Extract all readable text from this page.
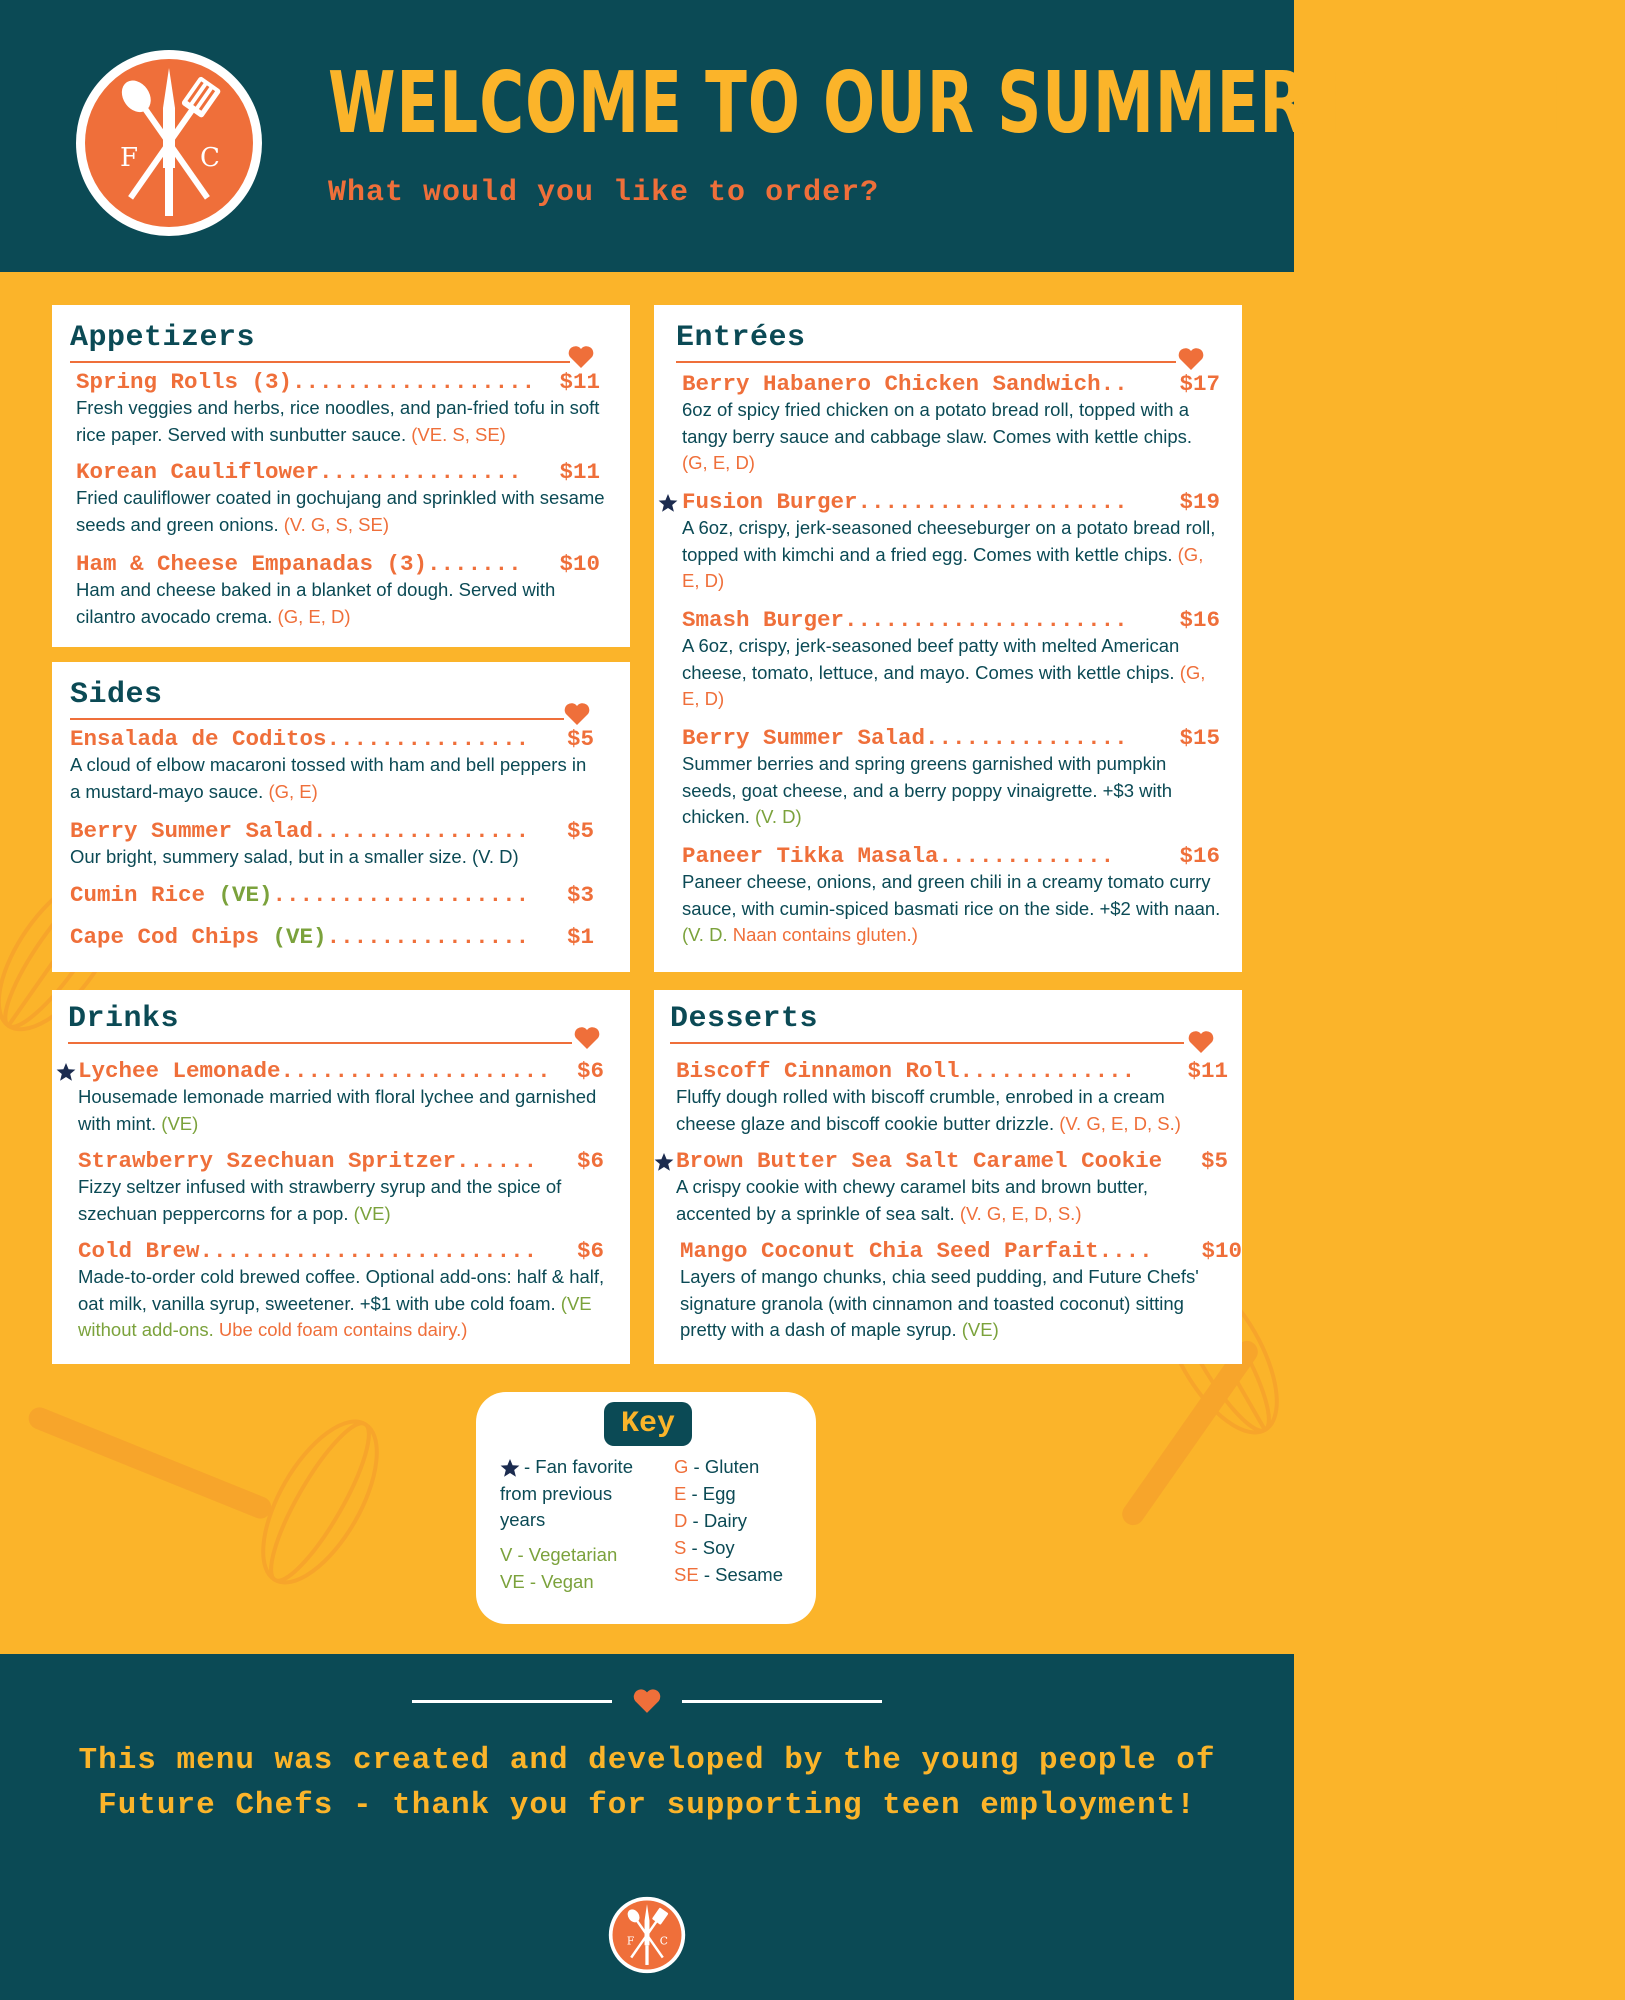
F C
WELCOME TO OUR SUMMER POP-UP!

What would you like to order?

Appetizers
Spring Rolls (3).................. $11
Fresh veggies and herbs, rice noodles, and pan-fried tofu in soft rice paper. Served with sunbutter sauce. (VE. S, SE)
Korean Cauliflower............... $11
Fried cauliflower coated in gochujang and sprinkled with sesame seeds and green onions. (V. G, S, SE)
Ham & Cheese Empanadas (3)....... $10
Ham and cheese baked in a blanket of dough. Served with cilantro avocado crema. (G, E, D)
Sides
Ensalada de Coditos............... $5
A cloud of elbow macaroni tossed with ham and bell peppers in a mustard-mayo sauce. (G, E)
Berry Summer Salad................ $5
Our bright, summery salad, but in a smaller size. (V. D)
Cumin Rice (VE)................... $3
Cape Cod Chips (VE)............... $1
Entrées
Berry Habanero Chicken Sandwich.. $17
6oz of spicy fried chicken on a potato bread roll, topped with a tangy berry sauce and cabbage slaw. Comes with kettle chips. (G, E, D)
Fusion Burger.................... $19
A 6oz, crispy, jerk-seasoned cheeseburger on a potato bread roll, topped with kimchi and a fried egg. Comes with kettle chips. (G, E, D)
Smash Burger..................... $16
A 6oz, crispy, jerk-seasoned beef patty with melted American cheese, tomato, lettuce, and mayo. Comes with kettle chips. (G, E, D)
Berry Summer Salad............... $15
Summer berries and spring greens garnished with pumpkin seeds, goat cheese, and a berry poppy vinaigrette. +$3 with chicken. (V. D)
Paneer Tikka Masala.............	$16
Paneer cheese, onions, and green chili in a creamy tomato curry sauce, with cumin-spiced basmati rice on the side. +$2 with naan. (V. D. Naan contains gluten.)
Drinks
Lychee Lemonade.................... $6
Housemade lemonade married with floral lychee and garnished with mint. (VE)
Strawberry Szechuan Spritzer...... $6
Fizzy seltzer infused with strawberry syrup and the spice of szechuan peppercorns for a pop. (VE)
Cold Brew......................... $6
Made-to-order cold brewed coffee. Optional add-ons: half & half, oat milk, vanilla syrup, sweetener. +$1 with ube cold foam. (VE without add-ons. Ube cold foam contains dairy.)
Desserts
Biscoff Cinnamon Roll............. $11
Fluffy dough rolled with biscoff crumble, enrobed in a cream cheese glaze and biscoff cookie butter drizzle. (V. G, E, D, S.)
Brown Butter Sea Salt Caramel Cookie $5
A crispy cookie with chewy caramel bits and brown butter, accented by a sprinkle of sea salt. (V. G, E, D, S.)
Mango Coconut Chia Seed Parfait.... $10
Layers of mango chunks, chia seed pudding, and Future Chefs' signature granola (with cinnamon and toasted coconut) sitting pretty with a dash of maple syrup. (VE)
Key
- Fan favorite from previous years
V - Vegetarian
VE - Vegan
G - Gluten
E - Egg
D - Dairy
S - Soy
SE - Sesame

This menu was created and developed by the young people of Future Chefs - thank you for supporting teen employment!

F C
